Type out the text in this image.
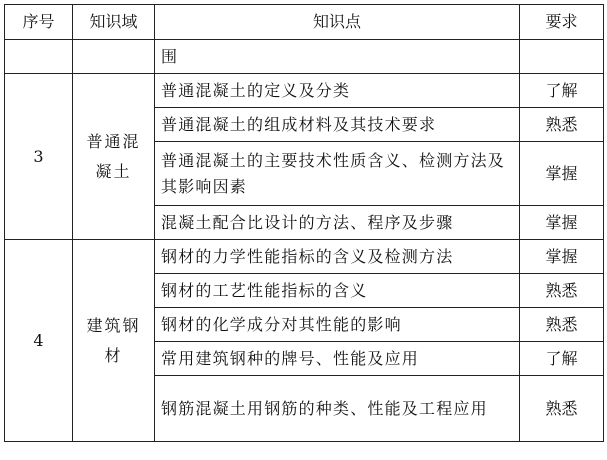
序号	知识域	知识点	要求
		围	
3	普通混凝土	普通混凝土的定义及分类	了解
		普通混凝土的组成材料及其技术要求	熟悉
		普通混凝土的主要技术性质含义、检测方法及其影响因素	掌握
		混凝土配合比设计的方法、程序及步骤	掌握
4	建筑钢材	钢材的力学性能指标的含义及检测方法	掌握
		钢材的工艺性能指标的含义	熟悉
		钢材的化学成分对其性能的影响	熟悉
		常用建筑钢种的牌号、性能及应用	了解
		钢筋混凝土用钢筋的种类、性能及工程应用	熟悉
